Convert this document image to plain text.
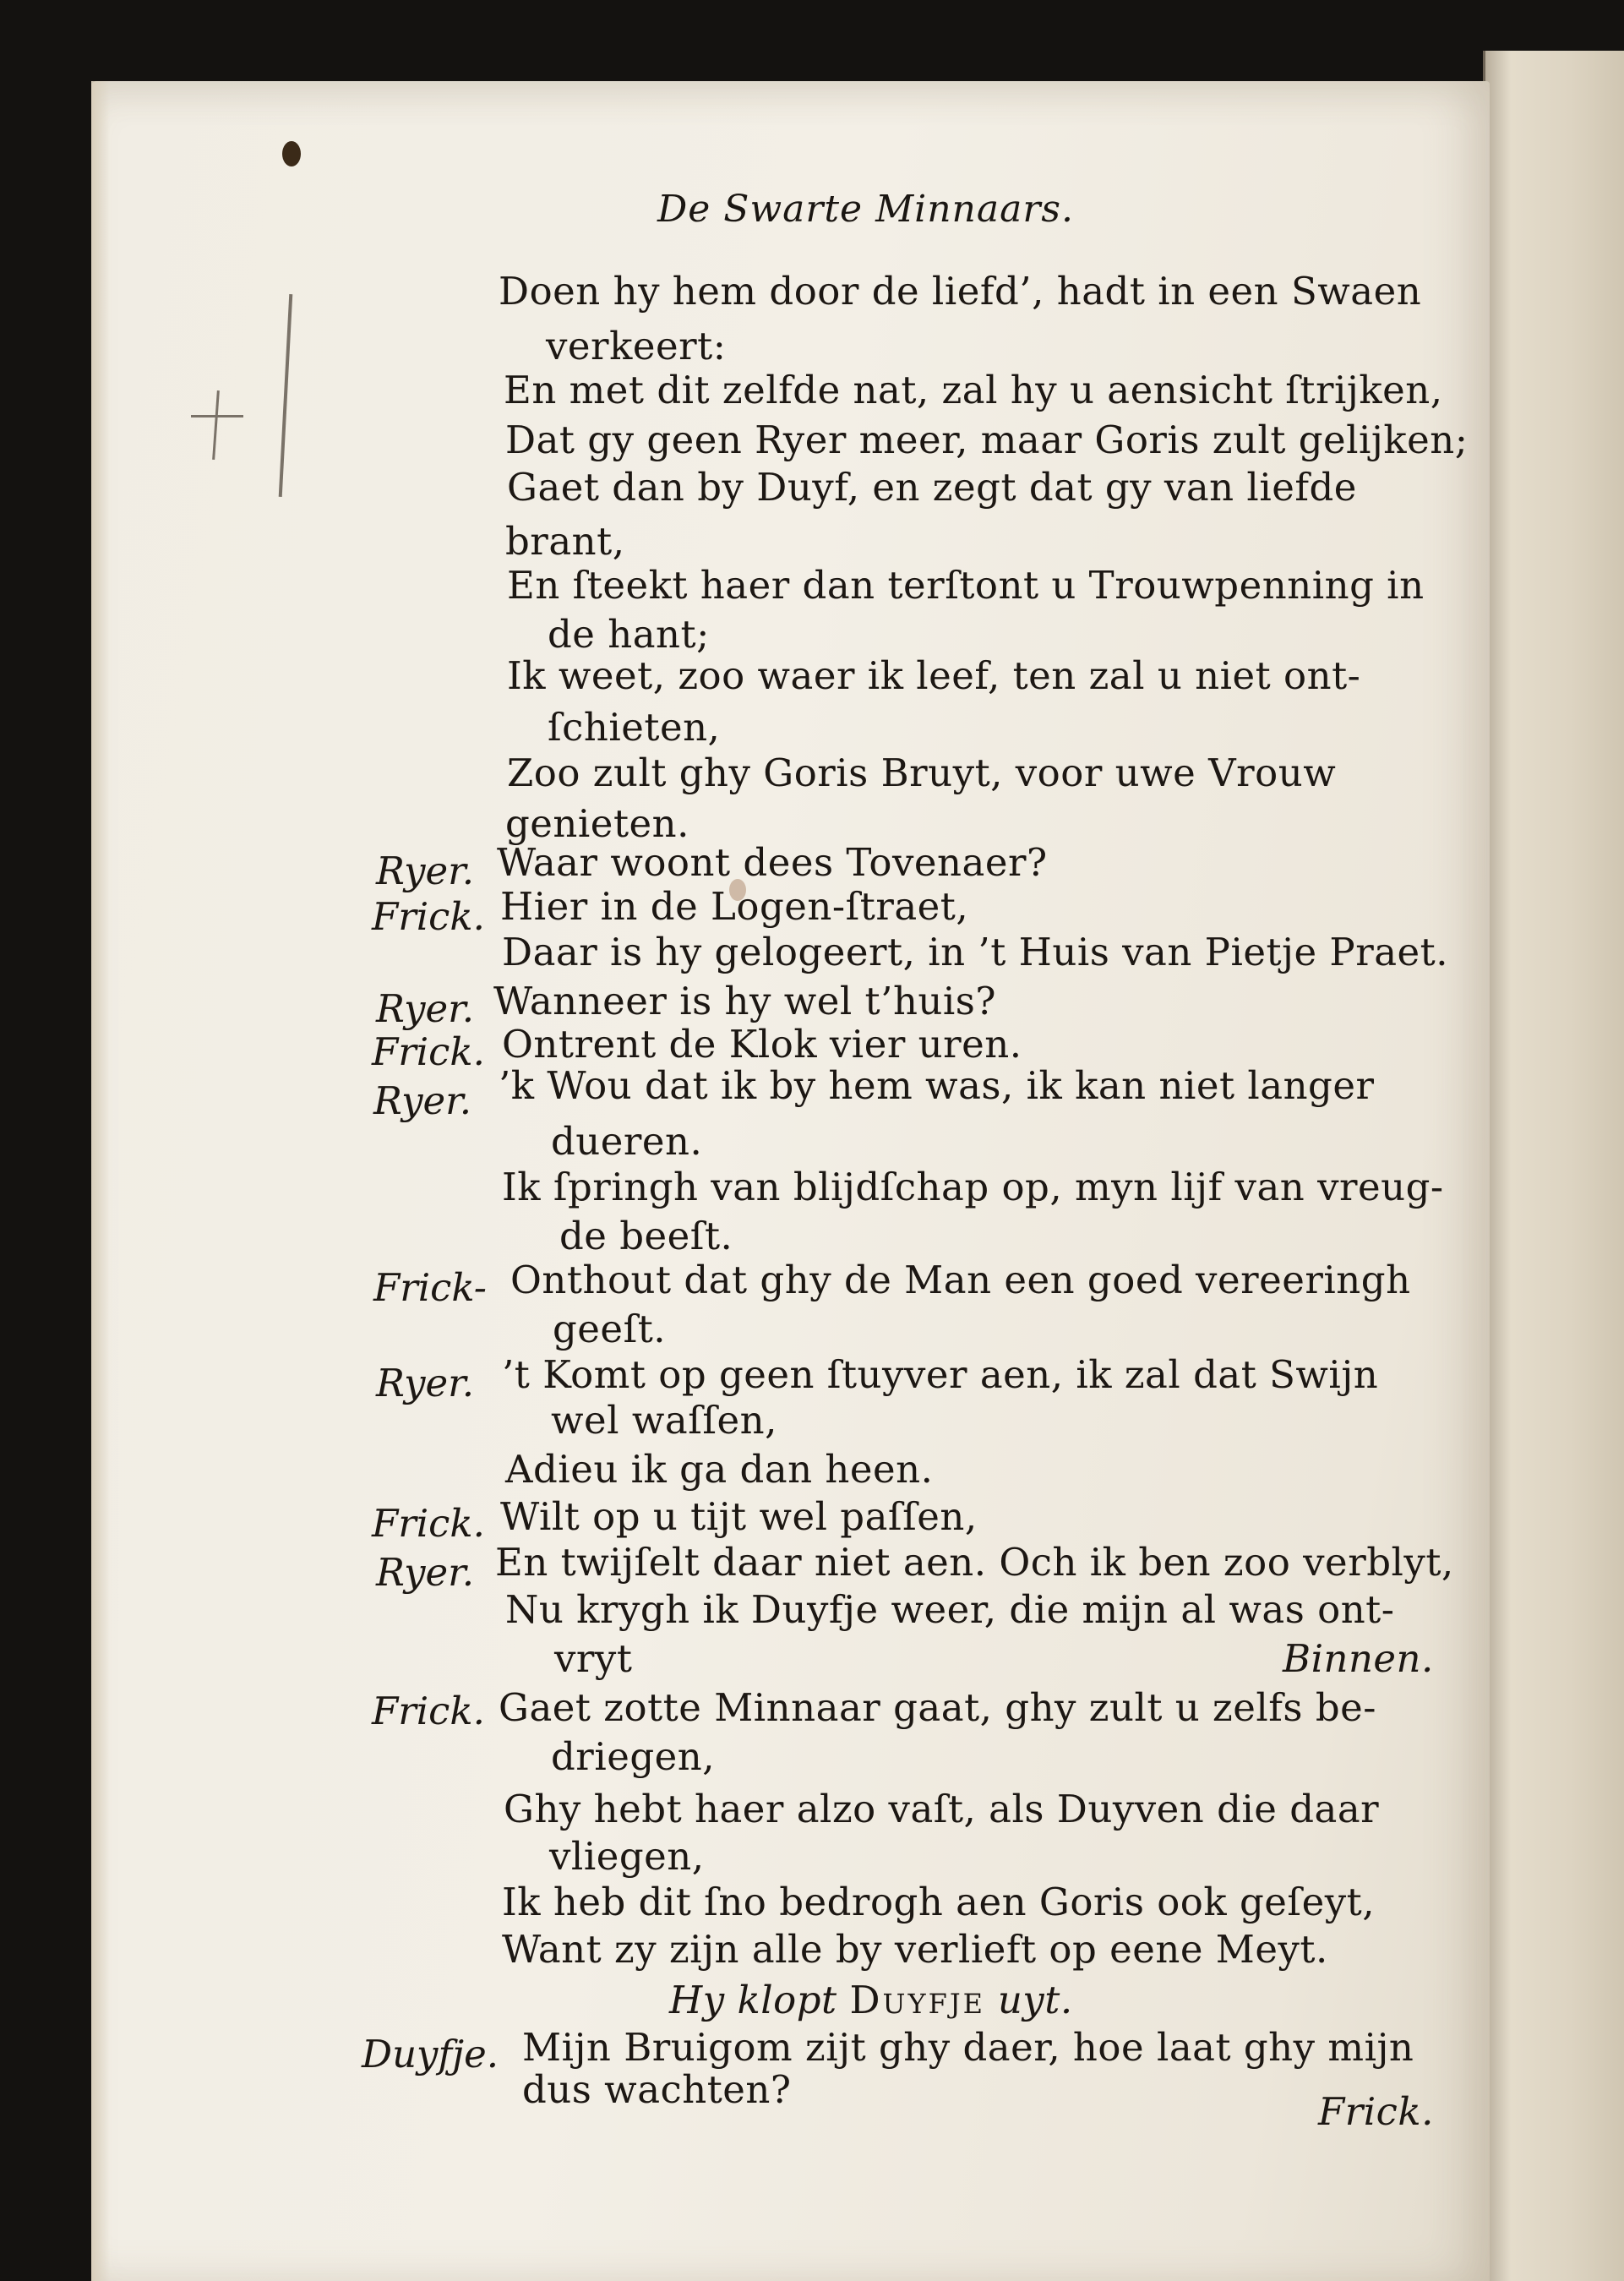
De Swarte Minnaars.
Doen hy hem door de liefd’, hadt in een Swaen
verkeert:
En met dit zelfde nat, zal hy u aensicht ſtrijken,
Dat gy geen Ryer meer, maar Goris zult gelijken;
Gaet dan by Duyf, en zegt dat gy van liefde
brant,
En ſteekt haer dan terſtont u Trouwpenning in
de hant;
Ik weet, zoo waer ik leef, ten zal u niet ont-
ſchieten,
Zoo zult ghy Goris Bruyt, voor uwe Vrouw
genieten.
Ryer. Waar woont dees Tovenaer?
Frick. Hier in de Logen-ſtraet,
Daar is hy gelogeert, in ’t Huis van Pietje Praet.
Ryer. Wanneer is hy wel t’huis?
Frick. Ontrent de Klok vier uren.
Ryer. ’k Wou dat ik by hem was, ik kan niet langer
dueren.
Ik ſpringh van blijdſchap op, myn lijf van vreug-
de beeſt.
Frick- Onthout dat ghy de Man een goed vereeringh
geeſt.
Ryer. ’t Komt op geen ſtuyver aen, ik zal dat Swijn
wel waſſen,
Adieu ik ga dan heen.
Frick. Wilt op u tijt wel paſſen,
Ryer. En twijſelt daar niet aen. Och ik ben zoo verblyt,
Nu krygh ik Duyfje weer, die mijn al was ont-
vryt	Binnen.
Frick. Gaet zotte Minnaar gaat, ghy zult u zelfs be-
driegen,
Ghy hebt haer alzo vaſt, als Duyven die daar
vliegen,
Ik heb dit ſno bedrogh aen Goris ook geſeyt,
Want zy zijn alle by verlieft op eene Meyt.
Hy klopt Duyfje uyt.
Duyfje. Mijn Bruigom zijt ghy daer, hoe laat ghy mijn
dus wachten?	Frick.
